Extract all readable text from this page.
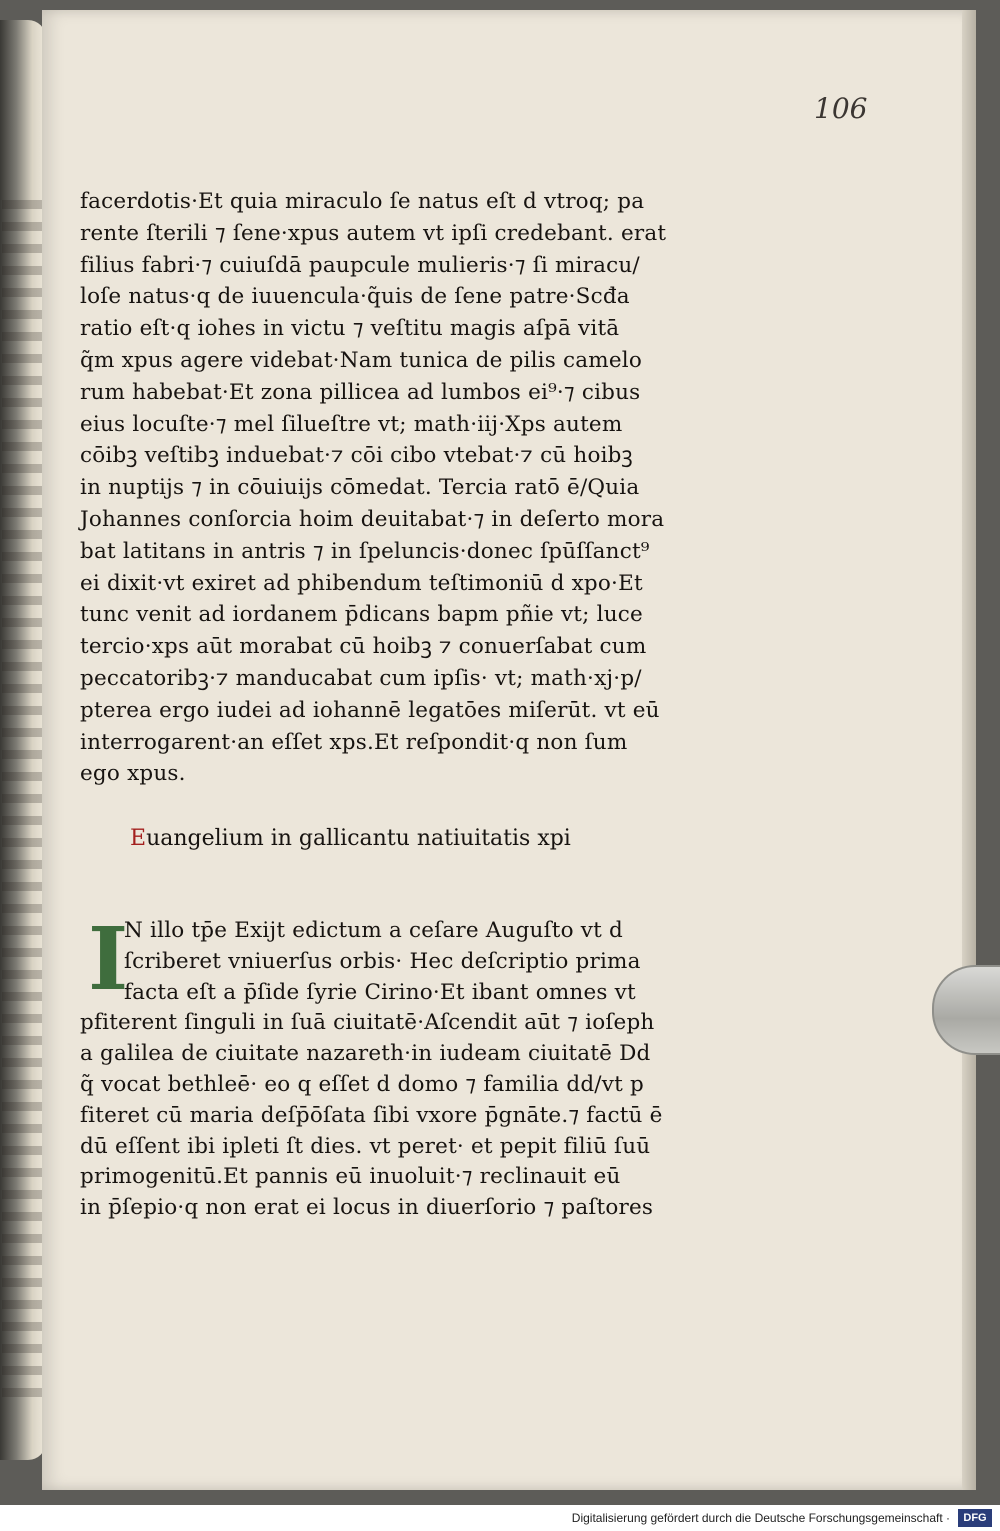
106
facerdotis·Et quia miraculo ſe natus eſt d vtroq; pa
rente ſterili ⁊ ſene·xpus autem vt ipſi credebant. erat
filius fabri·⁊ cuiuſdā paupcule mulieris·⁊ ſi miracu/
loſe natus·q de iuuencula·q̃uis de ſene patre·Scđa
ratio eſt·q iohes in victu ⁊ veſtitu magis aſpā vitā
q̃m xpus agere videbat·Nam tunica de pilis camelo
rum habebat·Et zona pillicea ad lumbos ei⁹·⁊ cibus
eius locuſte·⁊ mel ſilueſtre vt; math·iij·Xps autem
cōibꝫ veſtibꝫ induebat·⁊ cōi cibo vtebat·⁊ cū hoibꝫ
in nuptijs ⁊ in cōuiuijs cōmedat. Tercia ratō ē/Quia
Johannes conſorcia hoim deuitabat·⁊ in deſerto mora
bat latitans in antris ⁊ in ſpeluncis·donec ſpūſſanct⁹
ei dixit·vt exiret ad phibendum teſtimoniū d xpo·Et
tunc venit ad iordanem p̄dicans bapm pñie vt; luce
tercio·xps aūt morabat cū hoibꝫ ⁊ conuerſabat cum
peccatoribꝫ·⁊ manducabat cum ipſis· vt; math·xj·p/
pterea ergo iudei ad iohannē legatōes miſerūt. vt eū
interrogarent·an eſſet xps.Et reſpondit·q non ſum
ego xpus.
Euangelium in gallicantu natiuitatis xpi
I
N illo tp̄e Exijt edictum a ceſare Auguſto vt d
ſcriberet vniuerſus orbis· Hec deſcriptio prima
facta eſt a p̄ſide ſyrie Cirino·Et ibant omnes vt
pfiterent ſinguli in ſuā ciuitatē·Aſcendit aūt ⁊ ioſeph
a galilea de ciuitate nazareth·in iudeam ciuitatē Dd
q̃ vocat bethleē· eo q eſſet d domo ⁊ familia dd/vt p
fiteret cū maria deſp̄ōſata ſibi vxore p̄gnāte.⁊ factū ē
dū eſſent ibi ipleti ſt dies. vt peret· et pepit filiū ſuū
primogenitū.Et pannis eū inuoluit·⁊ reclinauit eū
in p̄ſepio·q non erat ei locus in diuerſorio ⁊ paſtores
Digitalisierung gefördert durch die Deutsche Forschungsgemeinschaft ·	DFG
